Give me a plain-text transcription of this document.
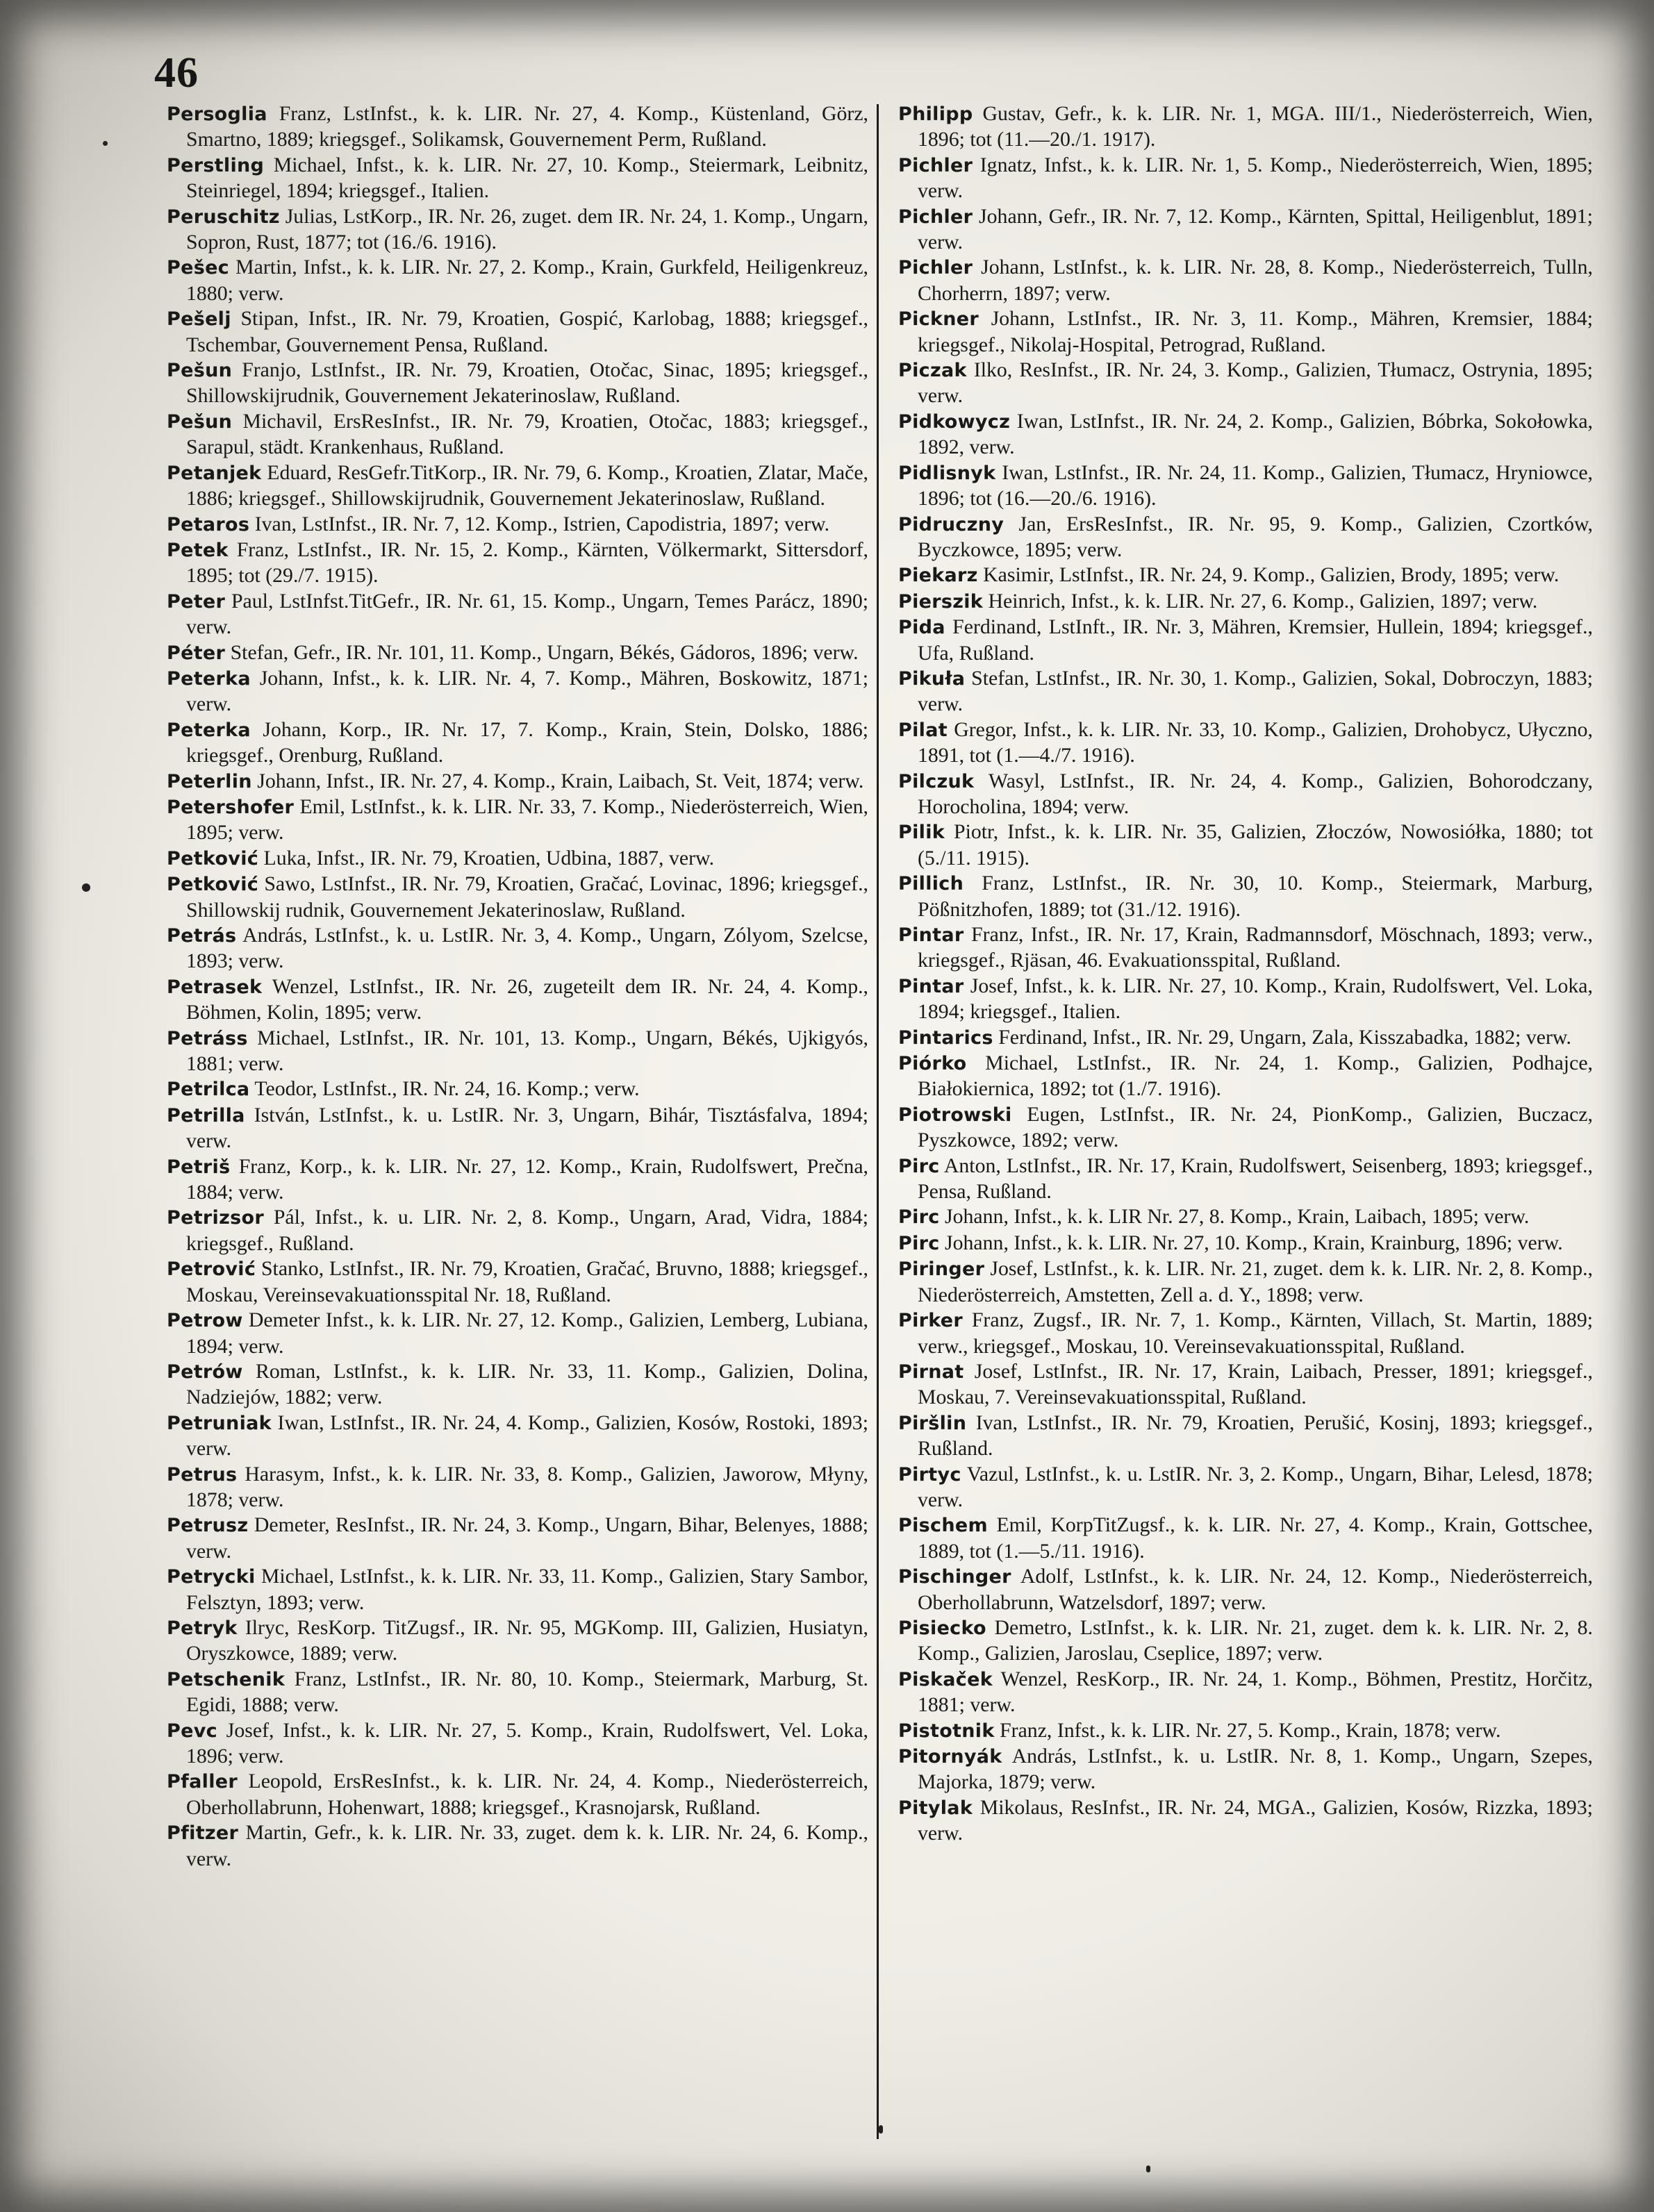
46

Persoglia Franz, LstInfst., k. k. LIR. Nr. 27, 4. Komp., Küstenland, Görz, Smartno, 1889; kriegsgef., Solikamsk, Gouvernement Perm, Rußland.

Perstling Michael, Infst., k. k. LIR. Nr. 27, 10. Komp., Steiermark, Leibnitz, Steinriegel, 1894; kriegsgef., Italien.

Peruschitz Julias, LstKorp., IR. Nr. 26, zuget. dem IR. Nr. 24, 1. Komp., Ungarn, Sopron, Rust, 1877; tot (16./6. 1916).

Pešec Martin, Infst., k. k. LIR. Nr. 27, 2. Komp., Krain, Gurkfeld, Heiligenkreuz, 1880; verw.

Pešelj Stipan, Infst., IR. Nr. 79, Kroatien, Gospić, Karlobag, 1888; kriegsgef., Tschembar, Gouvernement Pensa, Rußland.

Pešun Franjo, LstInfst., IR. Nr. 79, Kroatien, Otočac, Sinac, 1895; kriegsgef., Shillowskijrudnik, Gouvernement Jekaterinoslaw, Rußland.

Pešun Michavil, ErsResInfst., IR. Nr. 79, Kroatien, Otočac, 1883; kriegsgef., Sarapul, städt. Krankenhaus, Rußland.

Petanjek Eduard, ResGefr.TitKorp., IR. Nr. 79, 6. Komp., Kroatien, Zlatar, Mače, 1886; kriegsgef., Shillowskijrudnik, Gouvernement Jekaterinoslaw, Rußland.

Petaros Ivan, LstInfst., IR. Nr. 7, 12. Komp., Istrien, Capodistria, 1897; verw.

Petek Franz, LstInfst., IR. Nr. 15, 2. Komp., Kärnten, Völkermarkt, Sittersdorf, 1895; tot (29./7. 1915).

Peter Paul, LstInfst.TitGefr., IR. Nr. 61, 15. Komp., Ungarn, Temes Parácz, 1890; verw.

Péter Stefan, Gefr., IR. Nr. 101, 11. Komp., Ungarn, Békés, Gádoros, 1896; verw.

Peterka Johann, Infst., k. k. LIR. Nr. 4, 7. Komp., Mähren, Boskowitz, 1871; verw.

Peterka Johann, Korp., IR. Nr. 17, 7. Komp., Krain, Stein, Dolsko, 1886; kriegsgef., Orenburg, Rußland.

Peterlin Johann, Infst., IR. Nr. 27, 4. Komp., Krain, Laibach, St. Veit, 1874; verw.

Petershofer Emil, LstInfst., k. k. LIR. Nr. 33, 7. Komp., Niederösterreich, Wien, 1895; verw.

Petković Luka, Infst., IR. Nr. 79, Kroatien, Udbina, 1887, verw.

Petković Sawo, LstInfst., IR. Nr. 79, Kroatien, Gračać, Lovinac, 1896; kriegsgef., Shillowskij rudnik, Gouvernement Jekaterinoslaw, Rußland.

Petrás András, LstInfst., k. u. LstIR. Nr. 3, 4. Komp., Ungarn, Zólyom, Szelcse, 1893; verw.

Petrasek Wenzel, LstInfst., IR. Nr. 26, zugeteilt dem IR. Nr. 24, 4. Komp., Böhmen, Kolin, 1895; verw.

Petráss Michael, LstInfst., IR. Nr. 101, 13. Komp., Ungarn, Békés, Ujkigyós, 1881; verw.

Petrilca Teodor, LstInfst., IR. Nr. 24, 16. Komp.; verw.

Petrilla István, LstInfst., k. u. LstIR. Nr. 3, Ungarn, Bihár, Tisztásfalva, 1894; verw.

Petriš Franz, Korp., k. k. LIR. Nr. 27, 12. Komp., Krain, Rudolfswert, Prečna, 1884; verw.

Petrizsor Pál, Infst., k. u. LIR. Nr. 2, 8. Komp., Ungarn, Arad, Vidra, 1884; kriegsgef., Rußland.

Petrović Stanko, LstInfst., IR. Nr. 79, Kroatien, Gračać, Bruvno, 1888; kriegsgef., Moskau, Vereinsevakuationsspital Nr. 18, Rußland.

Petrow Demeter Infst., k. k. LIR. Nr. 27, 12. Komp., Galizien, Lemberg, Lubiana, 1894; verw.

Petrów Roman, LstInfst., k. k. LIR. Nr. 33, 11. Komp., Galizien, Dolina, Nadziejów, 1882; verw.

Petruniak Iwan, LstInfst., IR. Nr. 24, 4. Komp., Galizien, Kosów, Rostoki, 1893; verw.

Petrus Harasym, Infst., k. k. LIR. Nr. 33, 8. Komp., Galizien, Jaworow, Młyny, 1878; verw.

Petrusz Demeter, ResInfst., IR. Nr. 24, 3. Komp., Ungarn, Bihar, Belenyes, 1888; verw.

Petrycki Michael, LstInfst., k. k. LIR. Nr. 33, 11. Komp., Galizien, Stary Sambor, Felsztyn, 1893; verw.

Petryk Ilryc, ResKorp. TitZugsf., IR. Nr. 95, MGKomp. III, Galizien, Husiatyn, Oryszkowce, 1889; verw.

Petschenik Franz, LstInfst., IR. Nr. 80, 10. Komp., Steiermark, Marburg, St. Egidi, 1888; verw.

Pevc Josef, Infst., k. k. LIR. Nr. 27, 5. Komp., Krain, Rudolfswert, Vel. Loka, 1896; verw.

Pfaller Leopold, ErsResInfst., k. k. LIR. Nr. 24, 4. Komp., Niederösterreich, Oberhollabrunn, Hohenwart, 1888; kriegsgef., Krasnojarsk, Rußland.

Pfitzer Martin, Gefr., k. k. LIR. Nr. 33, zuget. dem k. k. LIR. Nr. 24, 6. Komp., verw.

Philipp Gustav, Gefr., k. k. LIR. Nr. 1, MGA. III/1., Niederösterreich, Wien, 1896; tot (11.—20./1. 1917).

Pichler Ignatz, Infst., k. k. LIR. Nr. 1, 5. Komp., Niederösterreich, Wien, 1895; verw.

Pichler Johann, Gefr., IR. Nr. 7, 12. Komp., Kärnten, Spittal, Heiligenblut, 1891; verw.

Pichler Johann, LstInfst., k. k. LIR. Nr. 28, 8. Komp., Niederösterreich, Tulln, Chorherrn, 1897; verw.

Pickner Johann, LstInfst., IR. Nr. 3, 11. Komp., Mähren, Kremsier, 1884; kriegsgef., Nikolaj-Hospital, Petrograd, Rußland.

Piczak Ilko, ResInfst., IR. Nr. 24, 3. Komp., Galizien, Tłumacz, Ostrynia, 1895; verw.

Pidkowycz Iwan, LstInfst., IR. Nr. 24, 2. Komp., Galizien, Bóbrka, Sokołowka, 1892, verw.

Pidlisnyk Iwan, LstInfst., IR. Nr. 24, 11. Komp., Galizien, Tłumacz, Hryniowce, 1896; tot (16.—20./6. 1916).

Pidruczny Jan, ErsResInfst., IR. Nr. 95, 9. Komp., Galizien, Czortków, Byczkowce, 1895; verw.

Piekarz Kasimir, LstInfst., IR. Nr. 24, 9. Komp., Galizien, Brody, 1895; verw.

Pierszik Heinrich, Infst., k. k. LIR. Nr. 27, 6. Komp., Galizien, 1897; verw.

Pida Ferdinand, LstInft., IR. Nr. 3, Mähren, Kremsier, Hullein, 1894; kriegsgef., Ufa, Rußland.

Pikuła Stefan, LstInfst., IR. Nr. 30, 1. Komp., Galizien, Sokal, Dobroczyn, 1883; verw.

Pilat Gregor, Infst., k. k. LIR. Nr. 33, 10. Komp., Galizien, Drohobycz, Ułyczno, 1891, tot (1.—4./7. 1916).

Pilczuk Wasyl, LstInfst., IR. Nr. 24, 4. Komp., Galizien, Bohorodczany, Horocholina, 1894; verw.

Pilik Piotr, Infst., k. k. LIR. Nr. 35, Galizien, Złoczów, Nowosiółka, 1880; tot (5./11. 1915).

Pillich Franz, LstInfst., IR. Nr. 30, 10. Komp., Steiermark, Marburg, Pößnitzhofen, 1889; tot (31./12. 1916).

Pintar Franz, Infst., IR. Nr. 17, Krain, Radmannsdorf, Möschnach, 1893; verw., kriegsgef., Rjäsan, 46. Evakuationsspital, Rußland.

Pintar Josef, Infst., k. k. LIR. Nr. 27, 10. Komp., Krain, Rudolfswert, Vel. Loka, 1894; kriegsgef., Italien.

Pintarics Ferdinand, Infst., IR. Nr. 29, Ungarn, Zala, Kisszabadka, 1882; verw.

Piórko Michael, LstInfst., IR. Nr. 24, 1. Komp., Galizien, Podhajce, Białokiernica, 1892; tot (1./7. 1916).

Piotrowski Eugen, LstInfst., IR. Nr. 24, PionKomp., Galizien, Buczacz, Pyszkowce, 1892; verw.

Pirc Anton, LstInfst., IR. Nr. 17, Krain, Rudolfswert, Seisenberg, 1893; kriegsgef., Pensa, Rußland.

Pirc Johann, Infst., k. k. LIR Nr. 27, 8. Komp., Krain, Laibach, 1895; verw.

Pirc Johann, Infst., k. k. LIR. Nr. 27, 10. Komp., Krain, Krainburg, 1896; verw.

Piringer Josef, LstInfst., k. k. LIR. Nr. 21, zuget. dem k. k. LIR. Nr. 2, 8. Komp., Niederösterreich, Amstetten, Zell a. d. Y., 1898; verw.

Pirker Franz, Zugsf., IR. Nr. 7, 1. Komp., Kärnten, Villach, St. Martin, 1889; verw., kriegsgef., Moskau, 10. Vereinsevakuationsspital, Rußland.

Pirnat Josef, LstInfst., IR. Nr. 17, Krain, Laibach, Presser, 1891; kriegsgef., Moskau, 7. Vereinsevakuationsspital, Rußland.

Piršlin Ivan, LstInfst., IR. Nr. 79, Kroatien, Perušić, Kosinj, 1893; kriegsgef., Rußland.

Pirtyc Vazul, LstInfst., k. u. LstIR. Nr. 3, 2. Komp., Ungarn, Bihar, Lelesd, 1878; verw.

Pischem Emil, KorpTitZugsf., k. k. LIR. Nr. 27, 4. Komp., Krain, Gottschee, 1889, tot (1.—5./11. 1916).

Pischinger Adolf, LstInfst., k. k. LIR. Nr. 24, 12. Komp., Niederösterreich, Oberhollabrunn, Watzelsdorf, 1897; verw.

Pisiecko Demetro, LstInfst., k. k. LIR. Nr. 21, zuget. dem k. k. LIR. Nr. 2, 8. Komp., Galizien, Jaroslau, Cseplice, 1897; verw.

Piskaček Wenzel, ResKorp., IR. Nr. 24, 1. Komp., Böhmen, Prestitz, Horčitz, 1881; verw.

Pistotnik Franz, Infst., k. k. LIR. Nr. 27, 5. Komp., Krain, 1878; verw.

Pitornyák András, LstInfst., k. u. LstIR. Nr. 8, 1. Komp., Ungarn, Szepes, Majorka, 1879; verw.

Pitylak Mikolaus, ResInfst., IR. Nr. 24, MGA., Galizien, Kosów, Rizzka, 1893; verw.
